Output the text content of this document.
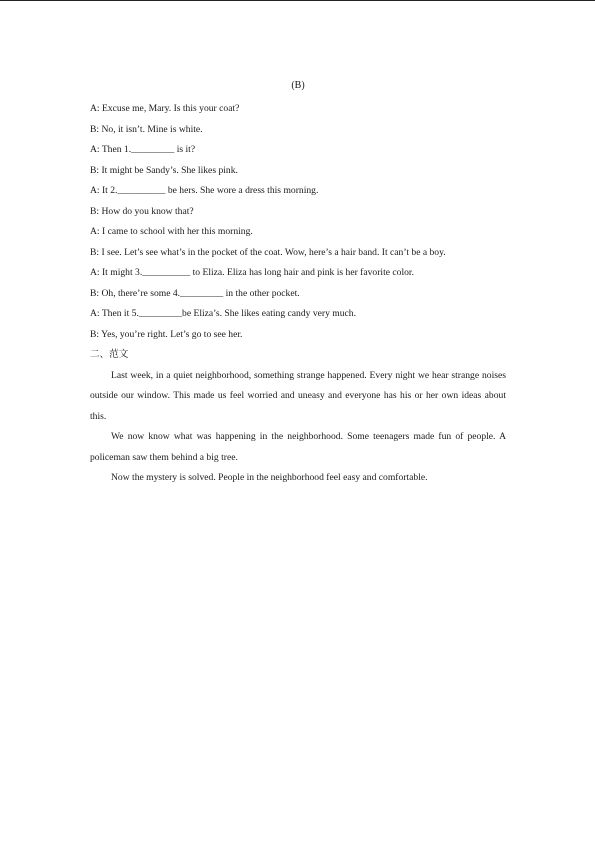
(B)
A: Excuse me, Mary. Is this your coat?
B: No, it isn’t. Mine is white.
A: Then 1._________ is it?
B: It might be Sandy’s. She likes pink.
A: It 2.__________ be hers. She wore a dress this morning.
B: How do you know that?
A: I came to school with her this morning.
B: I see. Let’s see what’s in the pocket of the coat. Wow, here’s a hair band. It can’t be a boy.
A: It might 3.__________ to Eliza. Eliza has long hair and pink is her favorite color.
B: Oh, there’re some 4._________ in the other pocket.
A: Then it 5._________be Eliza’s. She likes eating candy very much.
B: Yes, you’re right. Let’s go to see her.
二、范文

Last week, in a quiet neighborhood, something strange happened. Every night we hear strange noises outside our window. This made us feel worried and uneasy and everyone has his or her own ideas about this.

We now know what was happening in the neighborhood. Some teenagers made fun of people. A policeman saw them behind a big tree.

Now the mystery is solved. People in the neighborhood feel easy and comfortable.
